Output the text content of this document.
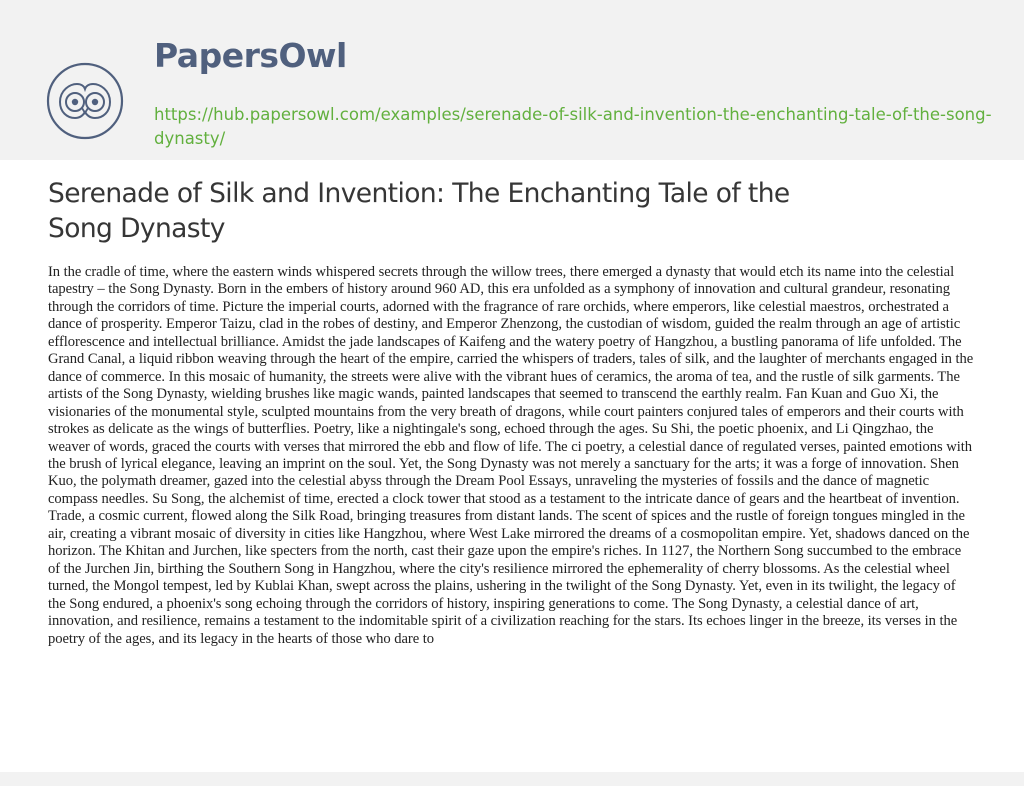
PapersOwl
https://hub.papersowl.com/examples/serenade-of-silk-and-invention-the-enchanting-tale-of-the-song-dynasty/
Serenade of Silk and Invention: The Enchanting Tale of the Song Dynasty

In the cradle of time, where the eastern winds whispered secrets through the willow trees, there emerged a dynasty that would etch its name into the celestial tapestry – the Song Dynasty. Born in the embers of history around 960 AD, this era unfolded as a symphony of innovation and cultural grandeur, resonating through the corridors of time. Picture the imperial courts, adorned with the fragrance of rare orchids, where emperors, like celestial maestros, orchestrated a dance of prosperity. Emperor Taizu, clad in the robes of destiny, and Emperor Zhenzong, the custodian of wisdom, guided the realm through an age of artistic efflorescence and intellectual brilliance. Amidst the jade landscapes of Kaifeng and the watery poetry of Hangzhou, a bustling panorama of life unfolded. The Grand Canal, a liquid ribbon weaving through the heart of the empire, carried the whispers of traders, tales of silk, and the laughter of merchants engaged in the dance of commerce. In this mosaic of humanity, the streets were alive with the vibrant hues of ceramics, the aroma of tea, and the rustle of silk garments. The artists of the Song Dynasty, wielding brushes like magic wands, painted landscapes that seemed to transcend the earthly realm. Fan Kuan and Guo Xi, the visionaries of the monumental style, sculpted mountains from the very breath of dragons, while court painters conjured tales of emperors and their courts with strokes as delicate as the wings of butterflies. Poetry, like a nightingale's song, echoed through the ages. Su Shi, the poetic phoenix, and Li Qingzhao, the weaver of words, graced the courts with verses that mirrored the ebb and flow of life. The ci poetry, a celestial dance of regulated verses, painted emotions with the brush of lyrical elegance, leaving an imprint on the soul. Yet, the Song Dynasty was not merely a sanctuary for the arts; it was a forge of innovation. Shen Kuo, the polymath dreamer, gazed into the celestial abyss through the Dream Pool Essays, unraveling the mysteries of fossils and the dance of magnetic compass needles. Su Song, the alchemist of time, erected a clock tower that stood as a testament to the intricate dance of gears and the heartbeat of invention. Trade, a cosmic current, flowed along the Silk Road, bringing treasures from distant lands. The scent of spices and the rustle of foreign tongues mingled in the air, creating a vibrant mosaic of diversity in cities like Hangzhou, where West Lake mirrored the dreams of a cosmopolitan empire. Yet, shadows danced on the horizon. The Khitan and Jurchen, like specters from the north, cast their gaze upon the empire's riches. In 1127, the Northern Song succumbed to the embrace of the Jurchen Jin, birthing the Southern Song in Hangzhou, where the city's resilience mirrored the ephemerality of cherry blossoms. As the celestial wheel turned, the Mongol tempest, led by Kublai Khan, swept across the plains, ushering in the twilight of the Song Dynasty. Yet, even in its twilight, the legacy of the Song endured, a phoenix's song echoing through the corridors of history, inspiring generations to come. The Song Dynasty, a celestial dance of art, innovation, and resilience, remains a testament to the indomitable spirit of a civilization reaching for the stars. Its echoes linger in the breeze, its verses in the poetry of the ages, and its legacy in the hearts of those who dare to
